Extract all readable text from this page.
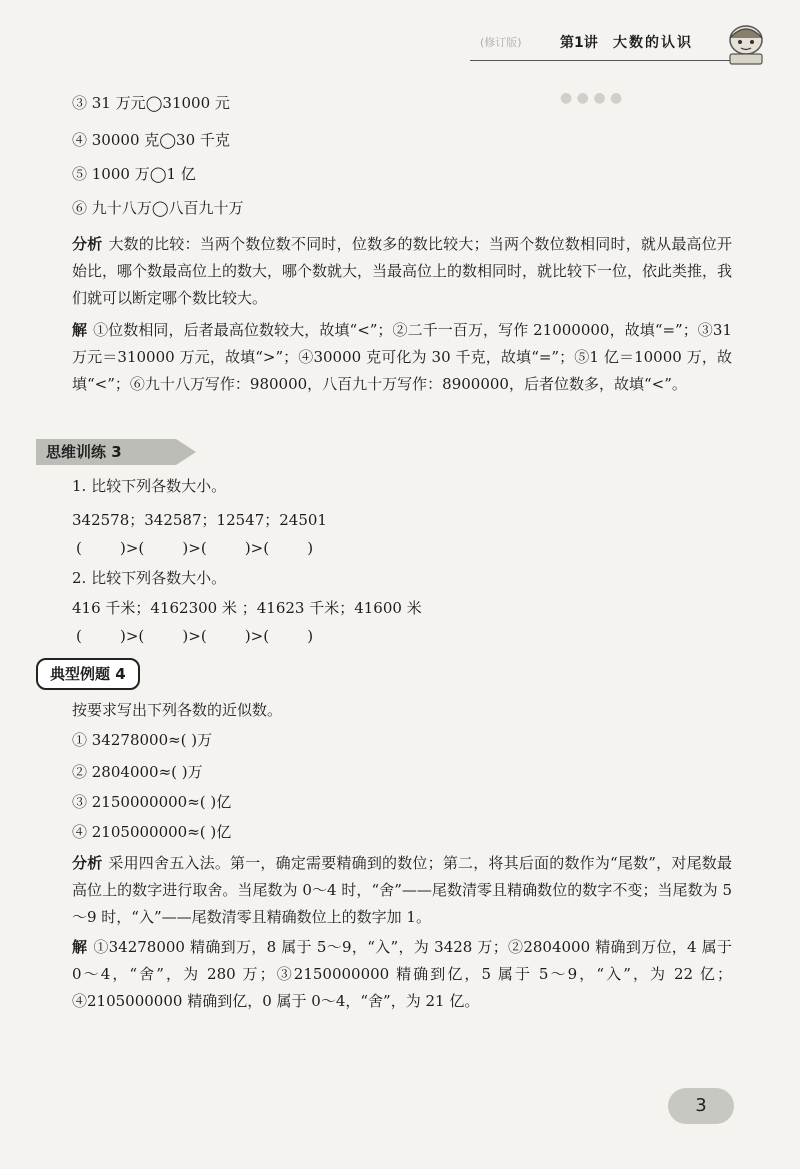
(修订版)	第1讲 大数的认识
● ● ● ●
③ 31 万元◯31000 元
④ 30000 克◯30 千克
⑤ 1000 万◯1 亿
⑥ 九十八万◯八百九十万
分析 大数的比较：当两个数位数不同时，位数多的数比较大；当两个数位数相同时，就从最高位开始比，哪个数最高位上的数大，哪个数就大，当最高位上的数相同时，就比较下一位，依此类推，我们就可以断定哪个数比较大。
解 ①位数相同，后者最高位数较大，故填“<”；②二千一百万，写作 21000000，故填“=”；③31 万元＝310000 万元，故填“>”；④30000 克可化为 30 千克，故填“=”；⑤1 亿＝10000 万，故填“<”；⑥九十八万写作：980000，八百九十万写作：8900000，后者位数多，故填“<”。
思维训练 3
1. 比较下列各数大小。
342578；342587；12547；24501
(        )>(        )>(        )>(        )
2. 比较下列各数大小。
416 千米；4162300 米 ；41623 千米；41600 米
(        )>(        )>(        )>(        )
典型例题 4
按要求写出下列各数的近似数。
① 34278000≈( )万
② 2804000≈( )万
③ 2150000000≈( )亿
④ 2105000000≈( )亿
分析 采用四舍五入法。第一，确定需要精确到的数位；第二，将其后面的数作为“尾数”，对尾数最高位上的数字进行取舍。当尾数为 0～4 时，“舍”——尾数清零且精确数位的数字不变；当尾数为 5～9 时，“入”——尾数清零且精确数位上的数字加 1。
解 ①34278000 精确到万，8 属于 5～9，“入”，为 3428 万；②2804000 精确到万位，4 属于 0～4，“舍”，为 280 万；③2150000000 精确到亿，5 属于 5～9，“入”，为 22 亿；④2105000000 精确到亿，0 属于 0～4，“舍”，为 21 亿。
3
